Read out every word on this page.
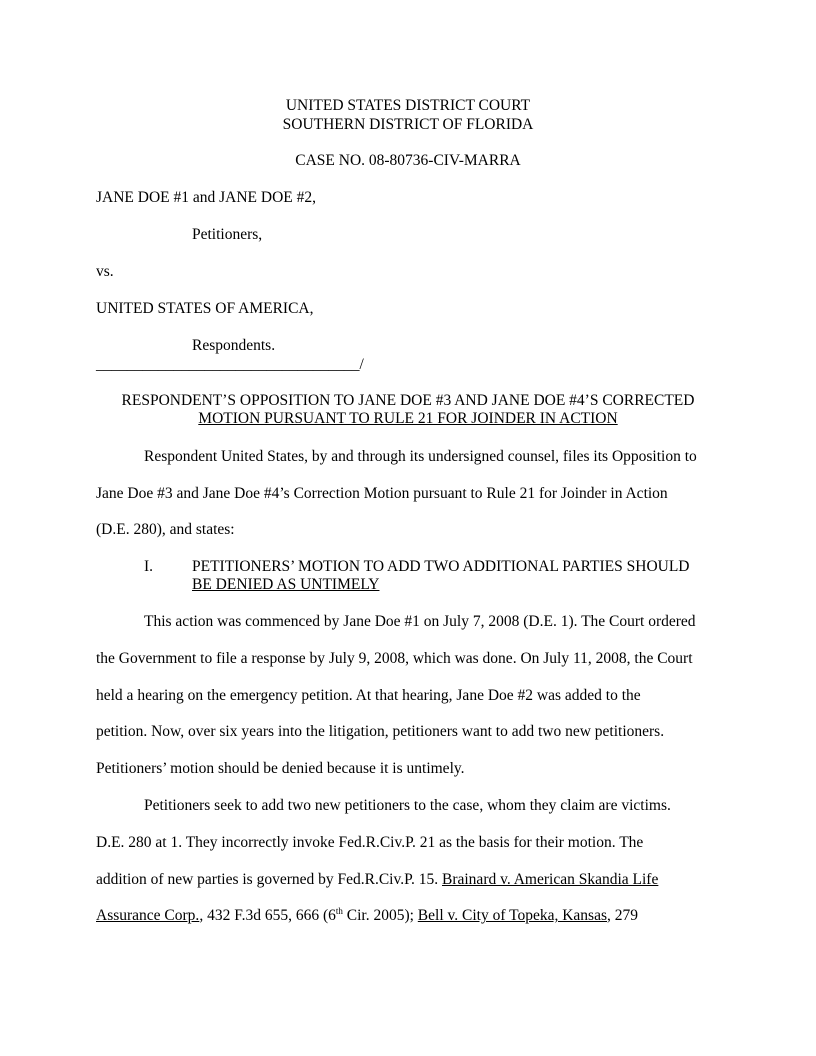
UNITED STATES DISTRICT COURT
SOUTHERN DISTRICT OF FLORIDA
CASE NO. 08-80736-CIV-MARRA
JANE DOE #1 and JANE DOE #2,
Petitioners,
vs.
UNITED STATES OF AMERICA,
Respondents.
__________________________________/
RESPONDENT’S OPPOSITION TO JANE DOE #3 AND JANE DOE #4’S CORRECTED
MOTION PURSUANT TO RULE 21 FOR JOINDER IN ACTION
Respondent United States, by and through its undersigned counsel, files its Opposition to
Jane Doe #3 and Jane Doe #4’s Correction Motion pursuant to Rule 21 for Joinder in Action
(D.E. 280), and states:
I.	PETITIONERS’ MOTION TO ADD TWO ADDITIONAL PARTIES SHOULD
BE DENIED AS UNTIMELY
This action was commenced by Jane Doe #1 on July 7, 2008 (D.E. 1). The Court ordered
the Government to file a response by July 9, 2008, which was done. On July 11, 2008, the Court
held a hearing on the emergency petition. At that hearing, Jane Doe #2 was added to the
petition. Now, over six years into the litigation, petitioners want to add two new petitioners.
Petitioners’ motion should be denied because it is untimely.
Petitioners seek to add two new petitioners to the case, whom they claim are victims.
D.E. 280 at 1. They incorrectly invoke Fed.R.Civ.P. 21 as the basis for their motion. The
addition of new parties is governed by Fed.R.Civ.P. 15. Brainard v. American Skandia Life
Assurance Corp., 432 F.3d 655, 666 (6th Cir. 2005); Bell v. City of Topeka, Kansas, 279
